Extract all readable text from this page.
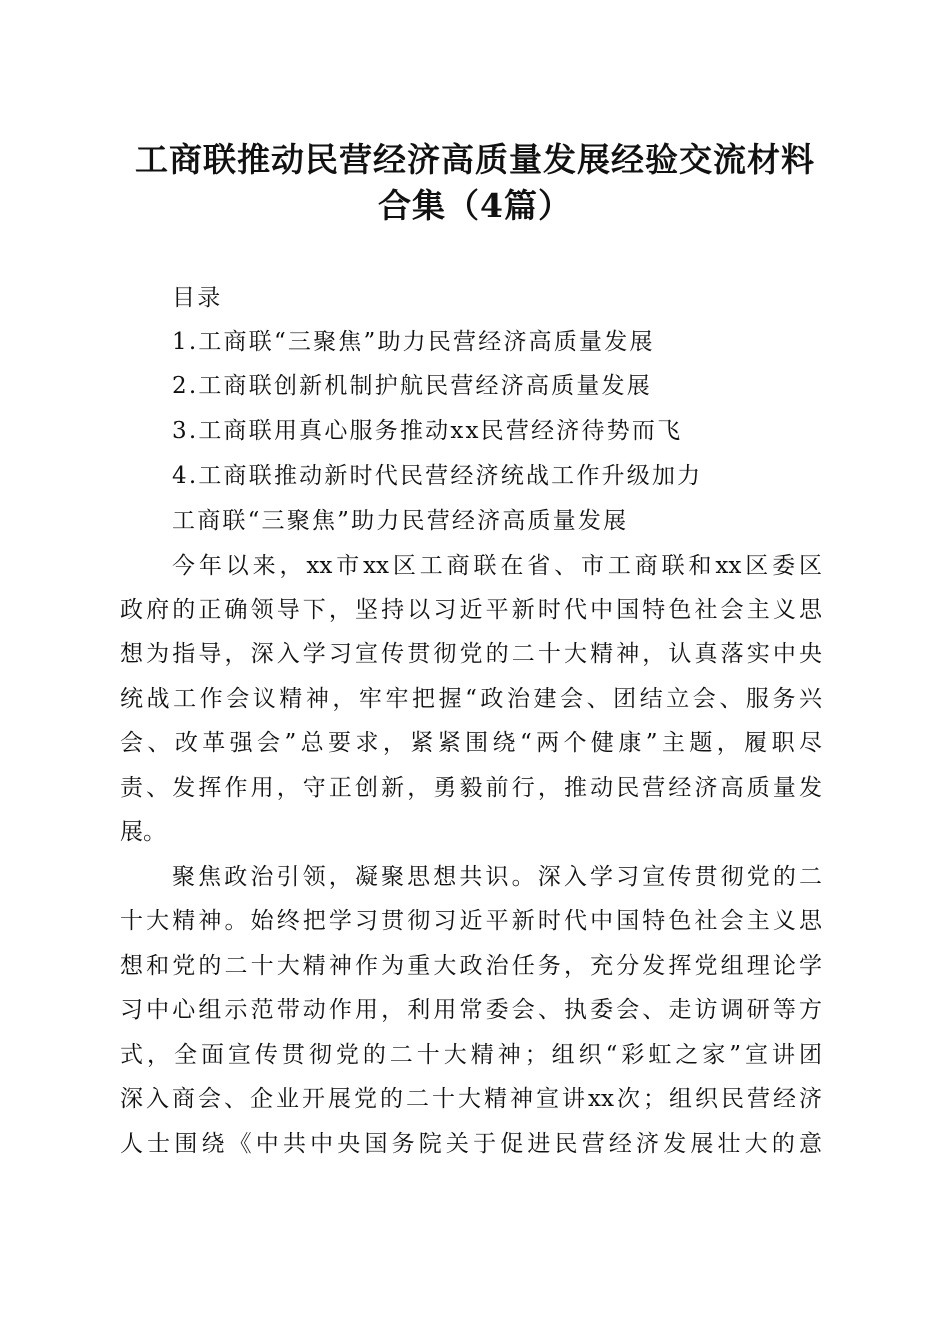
工商联推动民营经济高质量发展经验交流材料
合集（4篇）
目录
1.工商联“三聚焦”助力民营经济高质量发展
2.工商联创新机制护航民营经济高质量发展
3.工商联用真心服务推动xx民营经济待势而飞
4.工商联推动新时代民营经济统战工作升级加力
工商联“三聚焦”助力民营经济高质量发展
今年以来，xx市xx区工商联在省、市工商联和xx区委区
政府的正确领导下，坚持以习近平新时代中国特色社会主义思
想为指导，深入学习宣传贯彻党的二十大精神，认真落实中央
统战工作会议精神，牢牢把握“政治建会、团结立会、服务兴
会、改革强会”总要求，紧紧围绕“两个健康”主题，履职尽
责、发挥作用，守正创新，勇毅前行，推动民营经济高质量发
展。
聚焦政治引领，凝聚思想共识。深入学习宣传贯彻党的二
十大精神。始终把学习贯彻习近平新时代中国特色社会主义思
想和党的二十大精神作为重大政治任务，充分发挥党组理论学
习中心组示范带动作用，利用常委会、执委会、走访调研等方
式，全面宣传贯彻党的二十大精神；组织“彩虹之家”宣讲团
深入商会、企业开展党的二十大精神宣讲xx次；组织民营经济
人士围绕《中共中央国务院关于促进民营经济发展壮大的意
